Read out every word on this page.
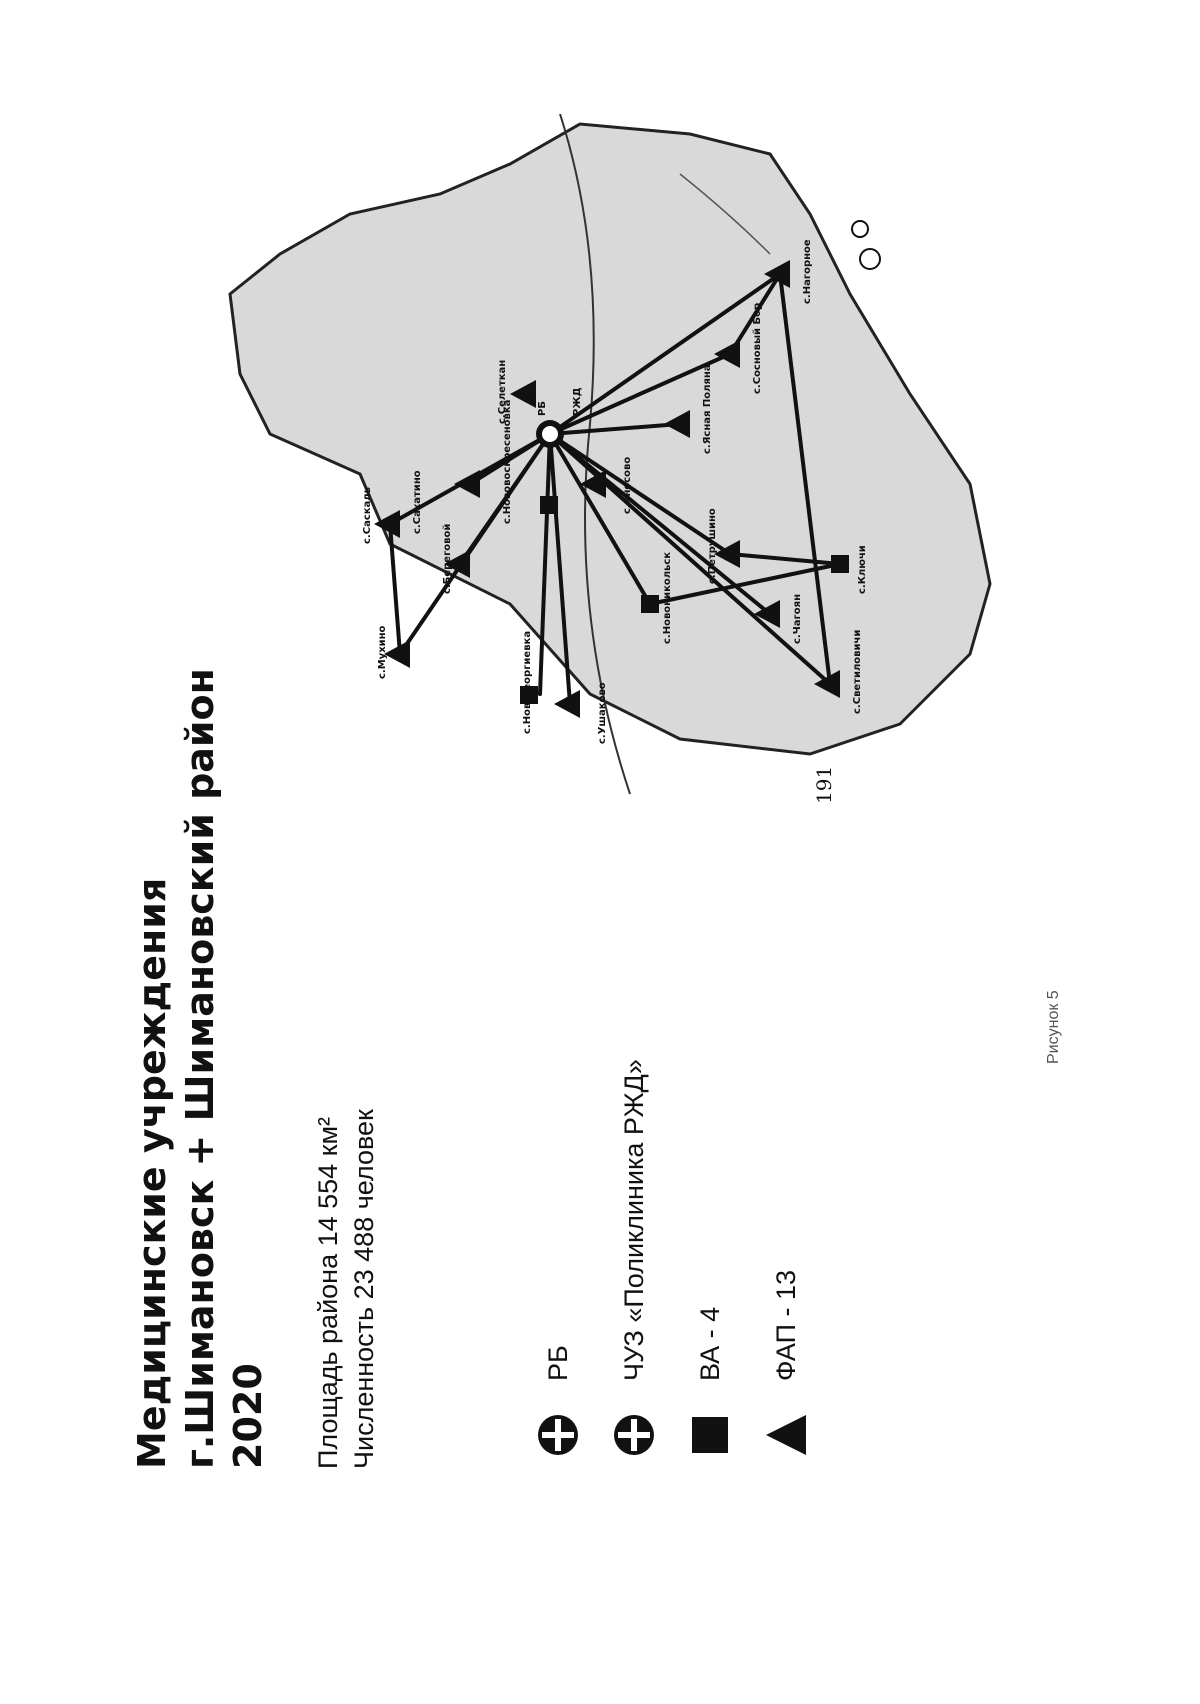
191
Медицинские учреждения г.Шимановск + Шимановский район 2020 Площадь района 14 554 км² Численность 23 488 человек	РБ ЧУЗ «Поликлиника РЖД» ВА - 4 ФАП - 13
Рисунок 5
с.Ушаково
с.Новогеоргиевка
с.Мухино
с.Саскаль	с.Нововоскресеновка	с.Ясная Поляна
с.Петрушино
с.Чагоян
с.Светиловичи
с.Сосновый Бор
с.Нагорное
с.Береговой
с.Селеткан
с.Аносово
с.Новоникольск	с.Ключи
с.Сахатино
РБ РЖД
